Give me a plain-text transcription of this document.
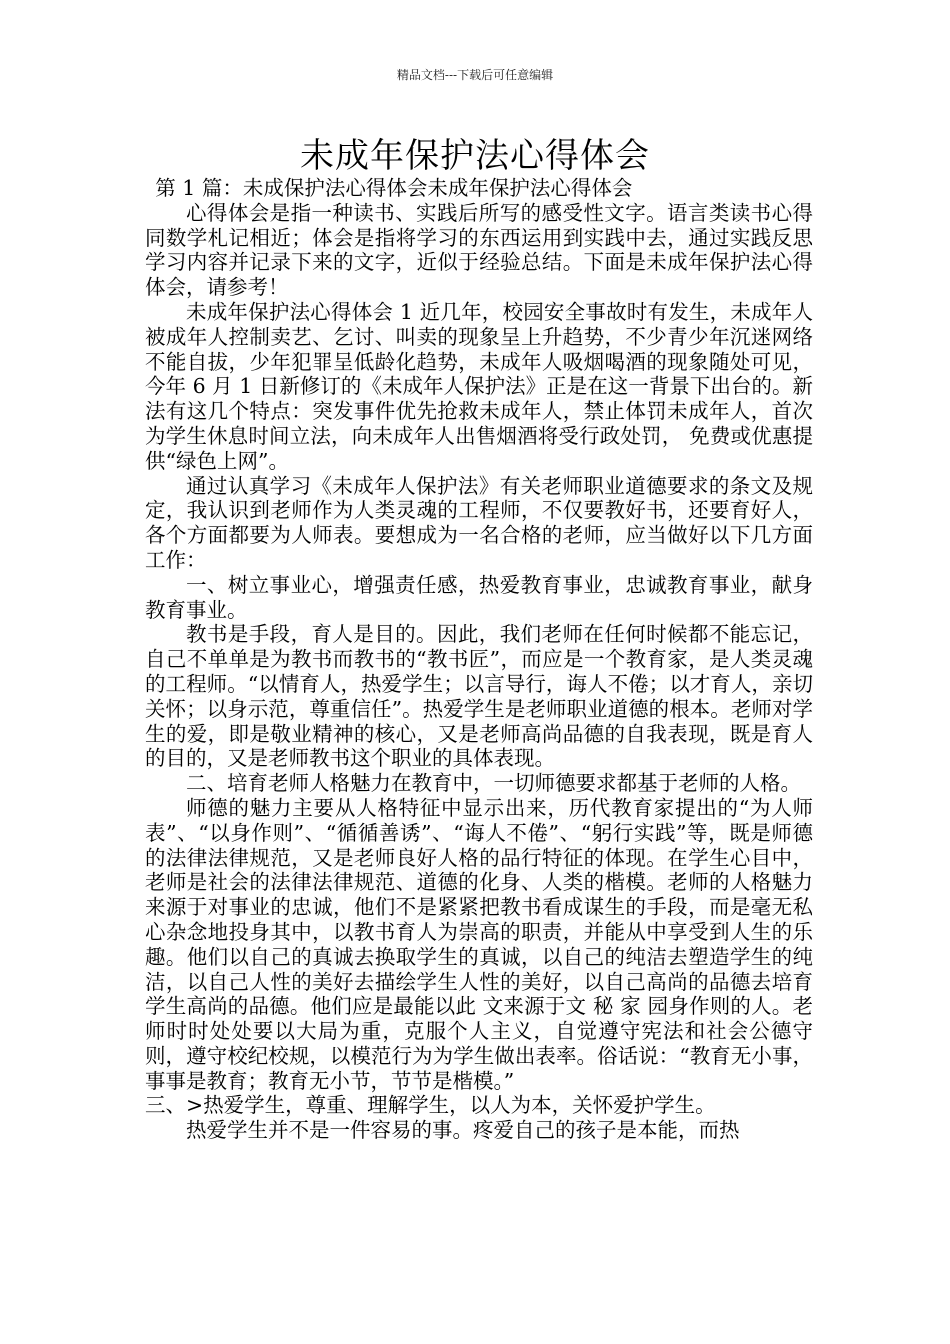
精品文档---下载后可任意编辑
未成年保护法心得体会

第 1 篇：未成保护法心得体会未成年保护法心得体会

心得体会是指一种读书、实践后所写的感受性文字。语言类读书心得同数学札记相近；体会是指将学习的东西运用到实践中去，通过实践反思学习内容并记录下来的文字，近似于经验总结。下面是未成年保护法心得体会，请参考！

未成年保护法心得体会 1 近几年，校园安全事故时有发生，未成年人被成年人控制卖艺、乞讨、叫卖的现象呈上升趋势，不少青少年沉迷网络不能自拔，少年犯罪呈低龄化趋势，未成年人吸烟喝酒的现象随处可见，今年 6 月 1 日新修订的《未成年人保护法》正是在这一背景下出台的。新法有这几个特点：突发事件优先抢救未成年人，禁止体罚未成年人，首次为学生休息时间立法，向未成年人出售烟酒将受行政处罚， 免费或优惠提供“绿色上网”。

通过认真学习《未成年人保护法》有关老师职业道德要求的条文及规定，我认识到老师作为人类灵魂的工程师，不仅要教好书，还要育好人，各个方面都要为人师表。要想成为一名合格的老师，应当做好以下几方面工作：

一、树立事业心，增强责任感，热爱教育事业，忠诚教育事业，献身教育事业。

教书是手段，育人是目的。因此，我们老师在任何时候都不能忘记，自己不单单是为教书而教书的“教书匠”，而应是一个教育家，是人类灵魂的工程师。“以情育人，热爱学生；以言导行，诲人不倦；以才育人，亲切关怀；以身示范，尊重信任”。热爱学生是老师职业道德的根本。老师对学生的爱，即是敬业精神的核心，又是老师高尚品德的自我表现，既是育人的目的，又是老师教书这个职业的具体表现。

二、培育老师人格魅力在教育中，一切师德要求都基于老师的人格。

师德的魅力主要从人格特征中显示出来，历代教育家提出的“为人师表”、“以身作则”、“循循善诱”、“诲人不倦”、“躬行实践”等，既是师德的法律法律规范，又是老师良好人格的品行特征的体现。在学生心目中，老师是社会的法律法律规范、道德的化身、人类的楷模。老师的人格魅力来源于对事业的忠诚，他们不是紧紧把教书看成谋生的手段，而是毫无私心杂念地投身其中，以教书育人为崇高的职责，并能从中享受到人生的乐趣。他们以自己的真诚去换取学生的真诚，以自己的纯洁去塑造学生的纯洁，以自己人性的美好去描绘学生人性的美好，以自己高尚的品德去培育学生高尚的品德。他们应是最能以此 文来源于文 秘 家 园身作则的人。老师时时处处要以大局为重，克服个人主义，自觉遵守宪法和社会公德守则，遵守校纪校规，以模范行为为学生做出表率。俗话说：“教育无小事，事事是教育；教育无小节，节节是楷模。”

三、>热爱学生，尊重、理解学生，以人为本，关怀爱护学生。

热爱学生并不是一件容易的事。疼爱自己的孩子是本能，而热
